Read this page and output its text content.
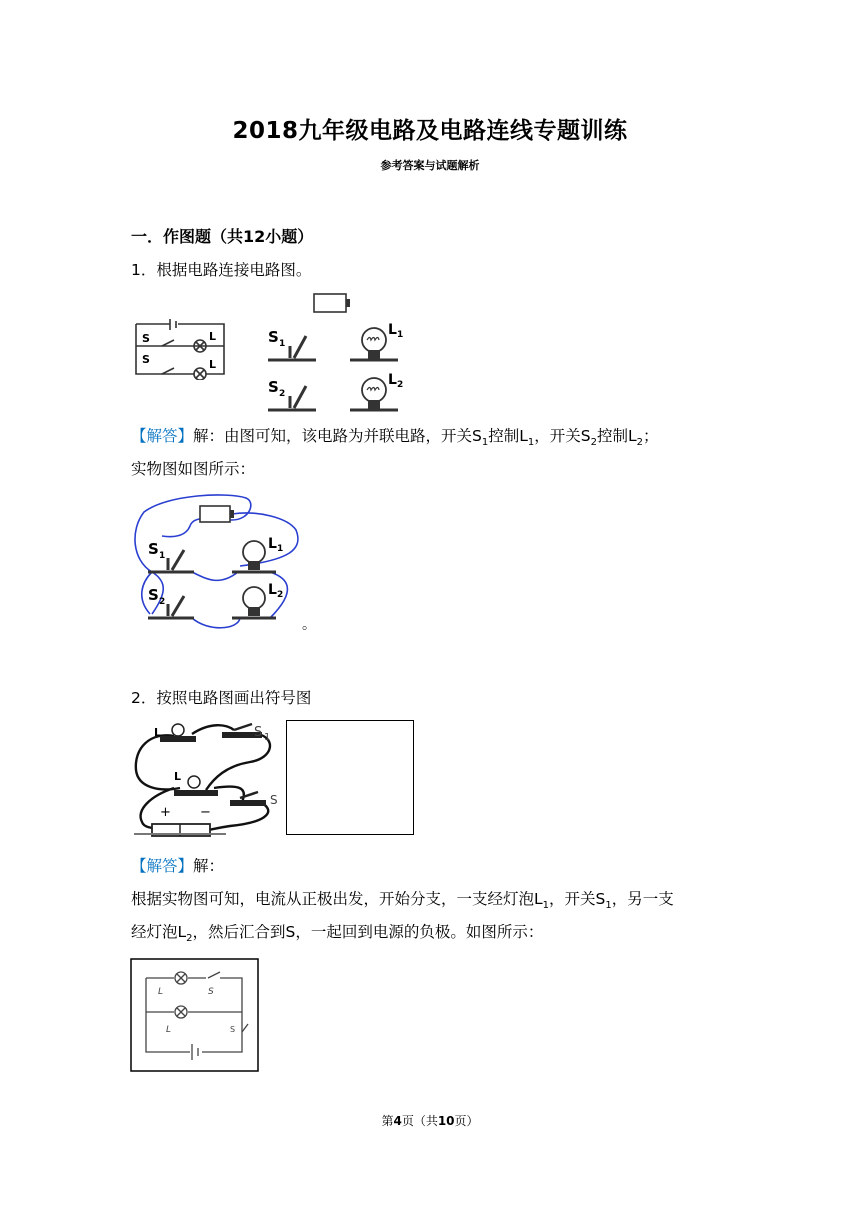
2018九年级电路及电路连线专题训练
参考答案与试题解析
一．作图题（共12小题）
1．根据电路连接电路图。
S
S
L
L
S 1
S 2
L 1
L 2
【解答】解：由图可知，该电路为并联电路，开关$S_1$控制$L_1$，开关$S_2$控制$L_2$；
实物图如图所示：
S 1
S 2
L 1
L 2
。
2．按照电路图画出符号图
L	S 1
L
+ −
S
【解答】解：
根据实物图可知，电流从正极出发，开始分支，一支经灯泡$L_1$，开关$S_1$，另一支
经灯泡$L_2$，然后汇合到S，一起回到电源的负极。如图所示：
L	S
L	S
第4页（共10页）
